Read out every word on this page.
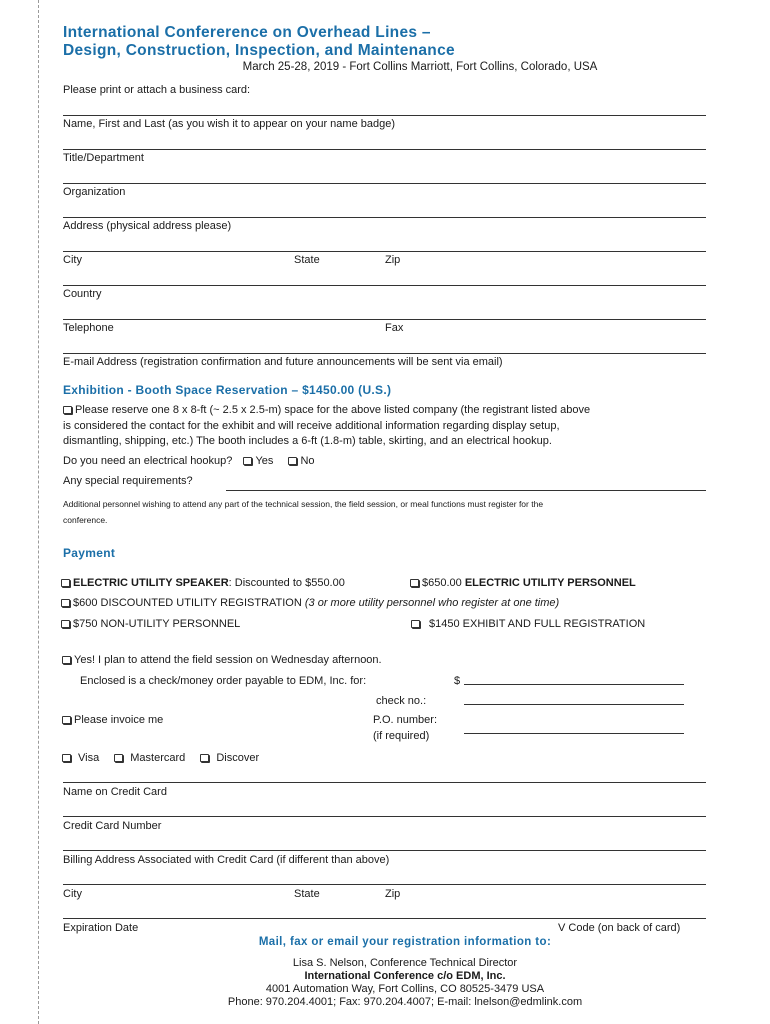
International Confererence on Overhead Lines –
Design, Construction, Inspection, and Maintenance
March 25-28, 2019 - Fort Collins Marriott, Fort Collins, Colorado, USA
Please print or attach a business card:
Name, First and Last (as you wish it to appear on your name badge)
Title/Department
Organization
Address (physical address please)
City	State	Zip
Country
Telephone	Fax
E-mail Address (registration confirmation and future announcements will be sent via email)
Exhibition - Booth Space Reservation – $1450.00 (U.S.)
Please reserve one 8 x 8-ft (~ 2.5 x 2.5-m) space for the above listed company (the registrant listed above
is considered the contact for the exhibit and will receive additional information regarding display setup,
dismantling, shipping, etc.) The booth includes a 6-ft (1.8-m) table, skirting, and an electrical hookup.
Do you need an electrical hookup? Yes No
Any special requirements?
Additional personnel wishing to attend any part of the technical session, the field session, or meal functions must register for the
conference.
Payment
ELECTRIC UTILITY SPEAKER: Discounted to $550.00	$650.00 ELECTRIC UTILITY PERSONNEL
$600 DISCOUNTED UTILITY REGISTRATION (3 or more utility personnel who register at one time)
$750 NON-UTILITY PERSONNEL	$1450 EXHIBIT AND FULL REGISTRATION
Yes! I plan to attend the field session on Wednesday afternoon.
Enclosed is a check/money order payable to EDM, Inc. for:	$
check no.:
Please invoice me	P.O. number:
(if required)
Visa	Mastercard	Discover
Name on Credit Card
Credit Card Number
Billing Address Associated with Credit Card (if different than above)
City	State	Zip
Expiration Date	V Code (on back of card)
Mail, fax or email your registration information to:
Lisa S. Nelson, Conference Technical Director
International Conference c/o EDM, Inc.
4001 Automation Way, Fort Collins, CO 80525-3479 USA
Phone: 970.204.4001; Fax: 970.204.4007; E-mail: lnelson@edmlink.com
